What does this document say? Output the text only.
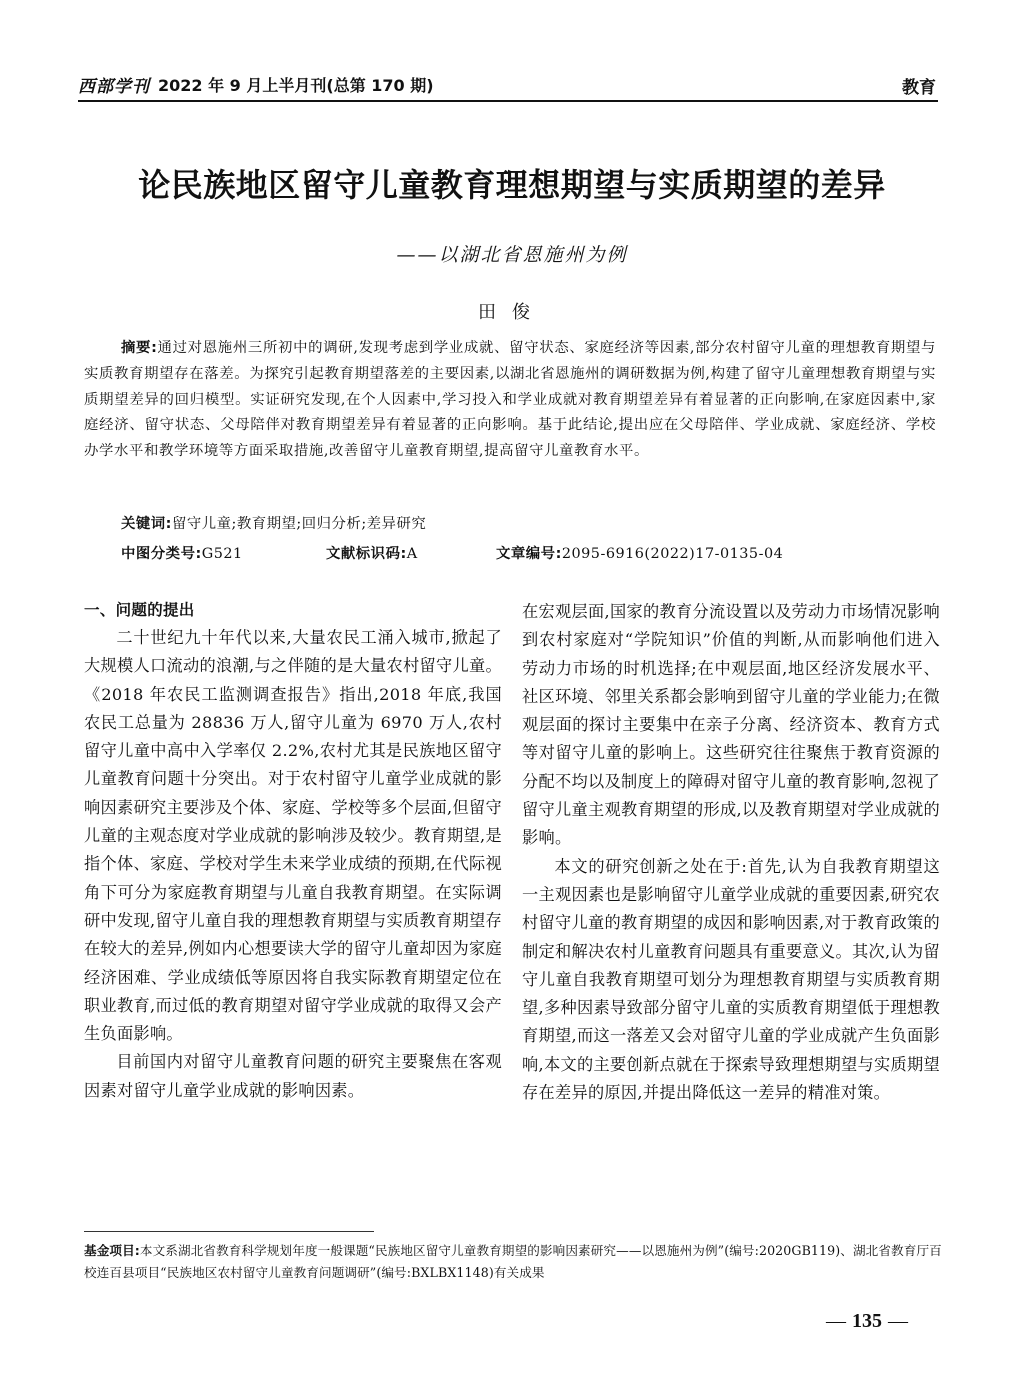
西部学刊 2022 年 9 月上半月刊(总第 170 期)	教育
论民族地区留守儿童教育理想期望与实质期望的差异
——以湖北省恩施州为例
田俊
摘要:通过对恩施州三所初中的调研,发现考虑到学业成就、留守状态、家庭经济等因素,部分农村留守儿童的理想教育期望与实质教育期望存在落差。为探究引起教育期望落差的主要因素,以湖北省恩施州的调研数据为例,构建了留守儿童理想教育期望与实质期望差异的回归模型。实证研究发现,在个人因素中,学习投入和学业成就对教育期望差异有着显著的正向影响,在家庭因素中,家庭经济、留守状态、父母陪伴对教育期望差异有着显著的正向影响。基于此结论,提出应在父母陪伴、学业成就、家庭经济、学校办学水平和教学环境等方面采取措施,改善留守儿童教育期望,提高留守儿童教育水平。
关键词:留守儿童;教育期望;回归分析;差异研究
中图分类号:G521	文献标识码:A	文章编号:2095-6916(2022)17-0135-04
一、问题的提出

二十世纪九十年代以来,大量农民工涌入城市,掀起了大规模人口流动的浪潮,与之伴随的是大量农村留守儿童。《2018 年农民工监测调查报告》指出,2018 年底,我国农民工总量为 28836 万人,留守儿童为 6970 万人,农村留守儿童中高中入学率仅 2.2%,农村尤其是民族地区留守儿童教育问题十分突出。对于农村留守儿童学业成就的影响因素研究主要涉及个体、家庭、学校等多个层面,但留守儿童的主观态度对学业成就的影响涉及较少。教育期望,是指个体、家庭、学校对学生未来学业成绩的预期,在代际视角下可分为家庭教育期望与儿童自我教育期望。在实际调研中发现,留守儿童自我的理想教育期望与实质教育期望存在较大的差异,例如内心想要读大学的留守儿童却因为家庭经济困难、学业成绩低等原因将自我实际教育期望定位在职业教育,而过低的教育期望对留守学业成就的取得又会产生负面影响。

目前国内对留守儿童教育问题的研究主要聚焦在客观因素对留守儿童学业成就的影响因素。

在宏观层面,国家的教育分流设置以及劳动力市场情况影响到农村家庭对“学院知识”价值的判断,从而影响他们进入劳动力市场的时机选择;在中观层面,地区经济发展水平、社区环境、邻里关系都会影响到留守儿童的学业能力;在微观层面的探讨主要集中在亲子分离、经济资本、教育方式等对留守儿童的影响上。这些研究往往聚焦于教育资源的分配不均以及制度上的障碍对留守儿童的教育影响,忽视了留守儿童主观教育期望的形成,以及教育期望对学业成就的影响。

本文的研究创新之处在于:首先,认为自我教育期望这一主观因素也是影响留守儿童学业成就的重要因素,研究农村留守儿童的教育期望的成因和影响因素,对于教育政策的制定和解决农村儿童教育问题具有重要意义。其次,认为留守儿童自我教育期望可划分为理想教育期望与实质教育期望,多种因素导致部分留守儿童的实质教育期望低于理想教育期望,而这一落差又会对留守儿童的学业成就产生负面影响,本文的主要创新点就在于探索导致理想期望与实质期望存在差异的原因,并提出降低这一差异的精准对策。

基金项目:本文系湖北省教育科学规划年度一般课题“民族地区留守儿童教育期望的影响因素研究——以恩施州为例”(编号:2020GB119)、湖北省教育厅百校连百县项目“民族地区农村留守儿童教育问题调研”(编号:BXLBX1148)有关成果
— 135 —
